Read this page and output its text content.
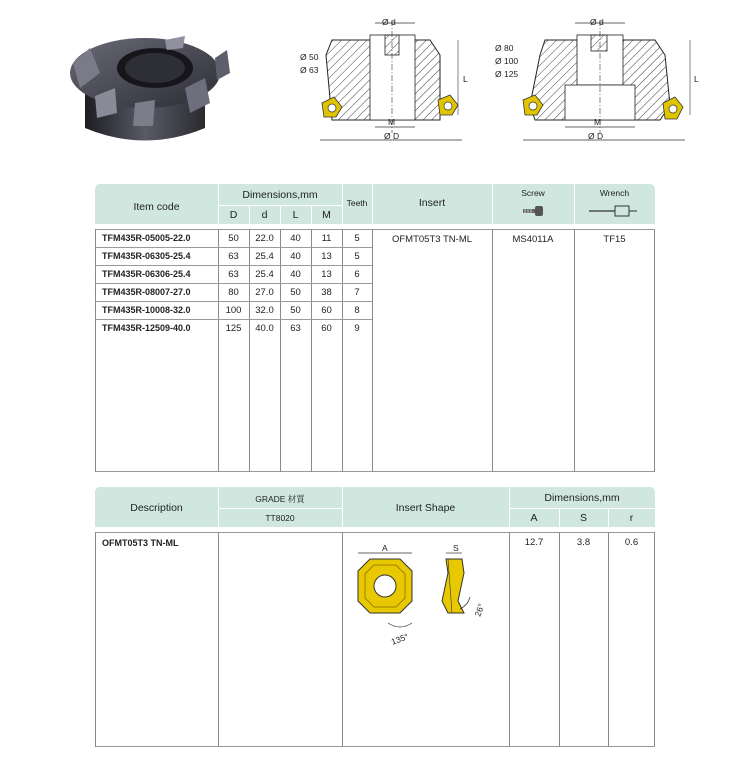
Ø d
Ø 50
Ø 63
L
M
Ø D
Ø d
Ø 80
Ø 100
Ø 125	L
M
Ø D
Item code
Dimensions,mm
D	d	L	M
Teeth	Insert
Screw	Wrench
TFM435R-05005-22.0	50	22.0	40	11	5
TFM435R-06305-25.4	63	25.4	40	13	5
TFM435R-06306-25.4	63	25.4	40	13	6
TFM435R-08007-27.0	80	27.0	50	38	7
TFM435R-10008-32.0	100	32.0	50	60	8
TFM435R-12509-40.0	125	40.0	63	60	9
OFMT05T3 TN-ML	MS4011A	TF15
Description
GRADE 材質
TT8020
Insert Shape
Dimensions,mm
A	S	r
OFMT05T3 TN-ML	12.7	3.8	0.6
A	S
135°
26°
